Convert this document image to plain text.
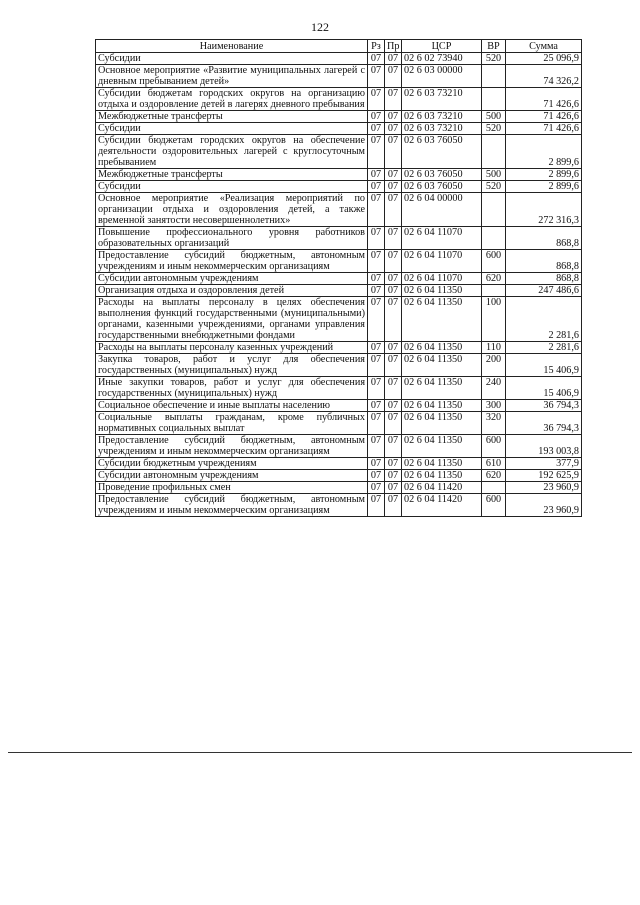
122
Наименование	Рз	Пр	ЦСР	ВР	Сумма
Субсидии	07	07	02 6 02 73940	520	25 096,9
Основное мероприятие «Развитие муниципальных лагерей с дневным пребыванием детей»	07	07	02 6 03 00000		74 326,2
Субсидии бюджетам городских округов на организацию отдыха и оздоровление детей в лагерях дневного пребывания	07	07	02 6 03 73210		71 426,6
Межбюджетные трансферты	07	07	02 6 03 73210	500	71 426,6
Субсидии	07	07	02 6 03 73210	520	71 426,6
Субсидии бюджетам городских округов на обеспечение деятельности оздоровительных лагерей с круглосуточным пребыванием	07	07	02 6 03 76050		2 899,6
Межбюджетные трансферты	07	07	02 6 03 76050	500	2 899,6
Субсидии	07	07	02 6 03 76050	520	2 899,6
Основное мероприятие «Реализация мероприятий по организации отдыха и оздоровления детей, а также временной занятости несовершеннолетних»	07	07	02 6 04 00000		272 316,3
Повышение профессионального уровня работников образовательных организаций	07	07	02 6 04 11070		868,8
Предоставление субсидий бюджетным, автономным учреждениям и иным некоммерческим организациям	07	07	02 6 04 11070	600	868,8
Субсидии автономным учреждениям	07	07	02 6 04 11070	620	868,8
Организация отдыха и оздоровления детей	07	07	02 6 04 11350		247 486,6
Расходы на выплаты персоналу в целях обеспечения выполнения функций государственными (муниципальными) органами, казенными учреждениями, органами управления государственными внебюджетными фондами	07	07	02 6 04 11350	100	2 281,6
Расходы на выплаты персоналу казенных учреждений	07	07	02 6 04 11350	110	2 281,6
Закупка товаров, работ и услуг для обеспечения государственных (муниципальных) нужд	07	07	02 6 04 11350	200	15 406,9
Иные закупки товаров, работ и услуг для обеспечения государственных (муниципальных) нужд	07	07	02 6 04 11350	240	15 406,9
Социальное обеспечение и иные выплаты населению	07	07	02 6 04 11350	300	36 794,3
Социальные выплаты гражданам, кроме публичных нормативных социальных выплат	07	07	02 6 04 11350	320	36 794,3
Предоставление субсидий бюджетным, автономным учреждениям и иным некоммерческим организациям	07	07	02 6 04 11350	600	193 003,8
Субсидии бюджетным учреждениям	07	07	02 6 04 11350	610	377,9
Субсидии автономным учреждениям	07	07	02 6 04 11350	620	192 625,9
Проведение профильных смен	07	07	02 6 04 11420		23 960,9
Предоставление субсидий бюджетным, автономным учреждениям и иным некоммерческим организациям	07	07	02 6 04 11420	600	23 960,9
